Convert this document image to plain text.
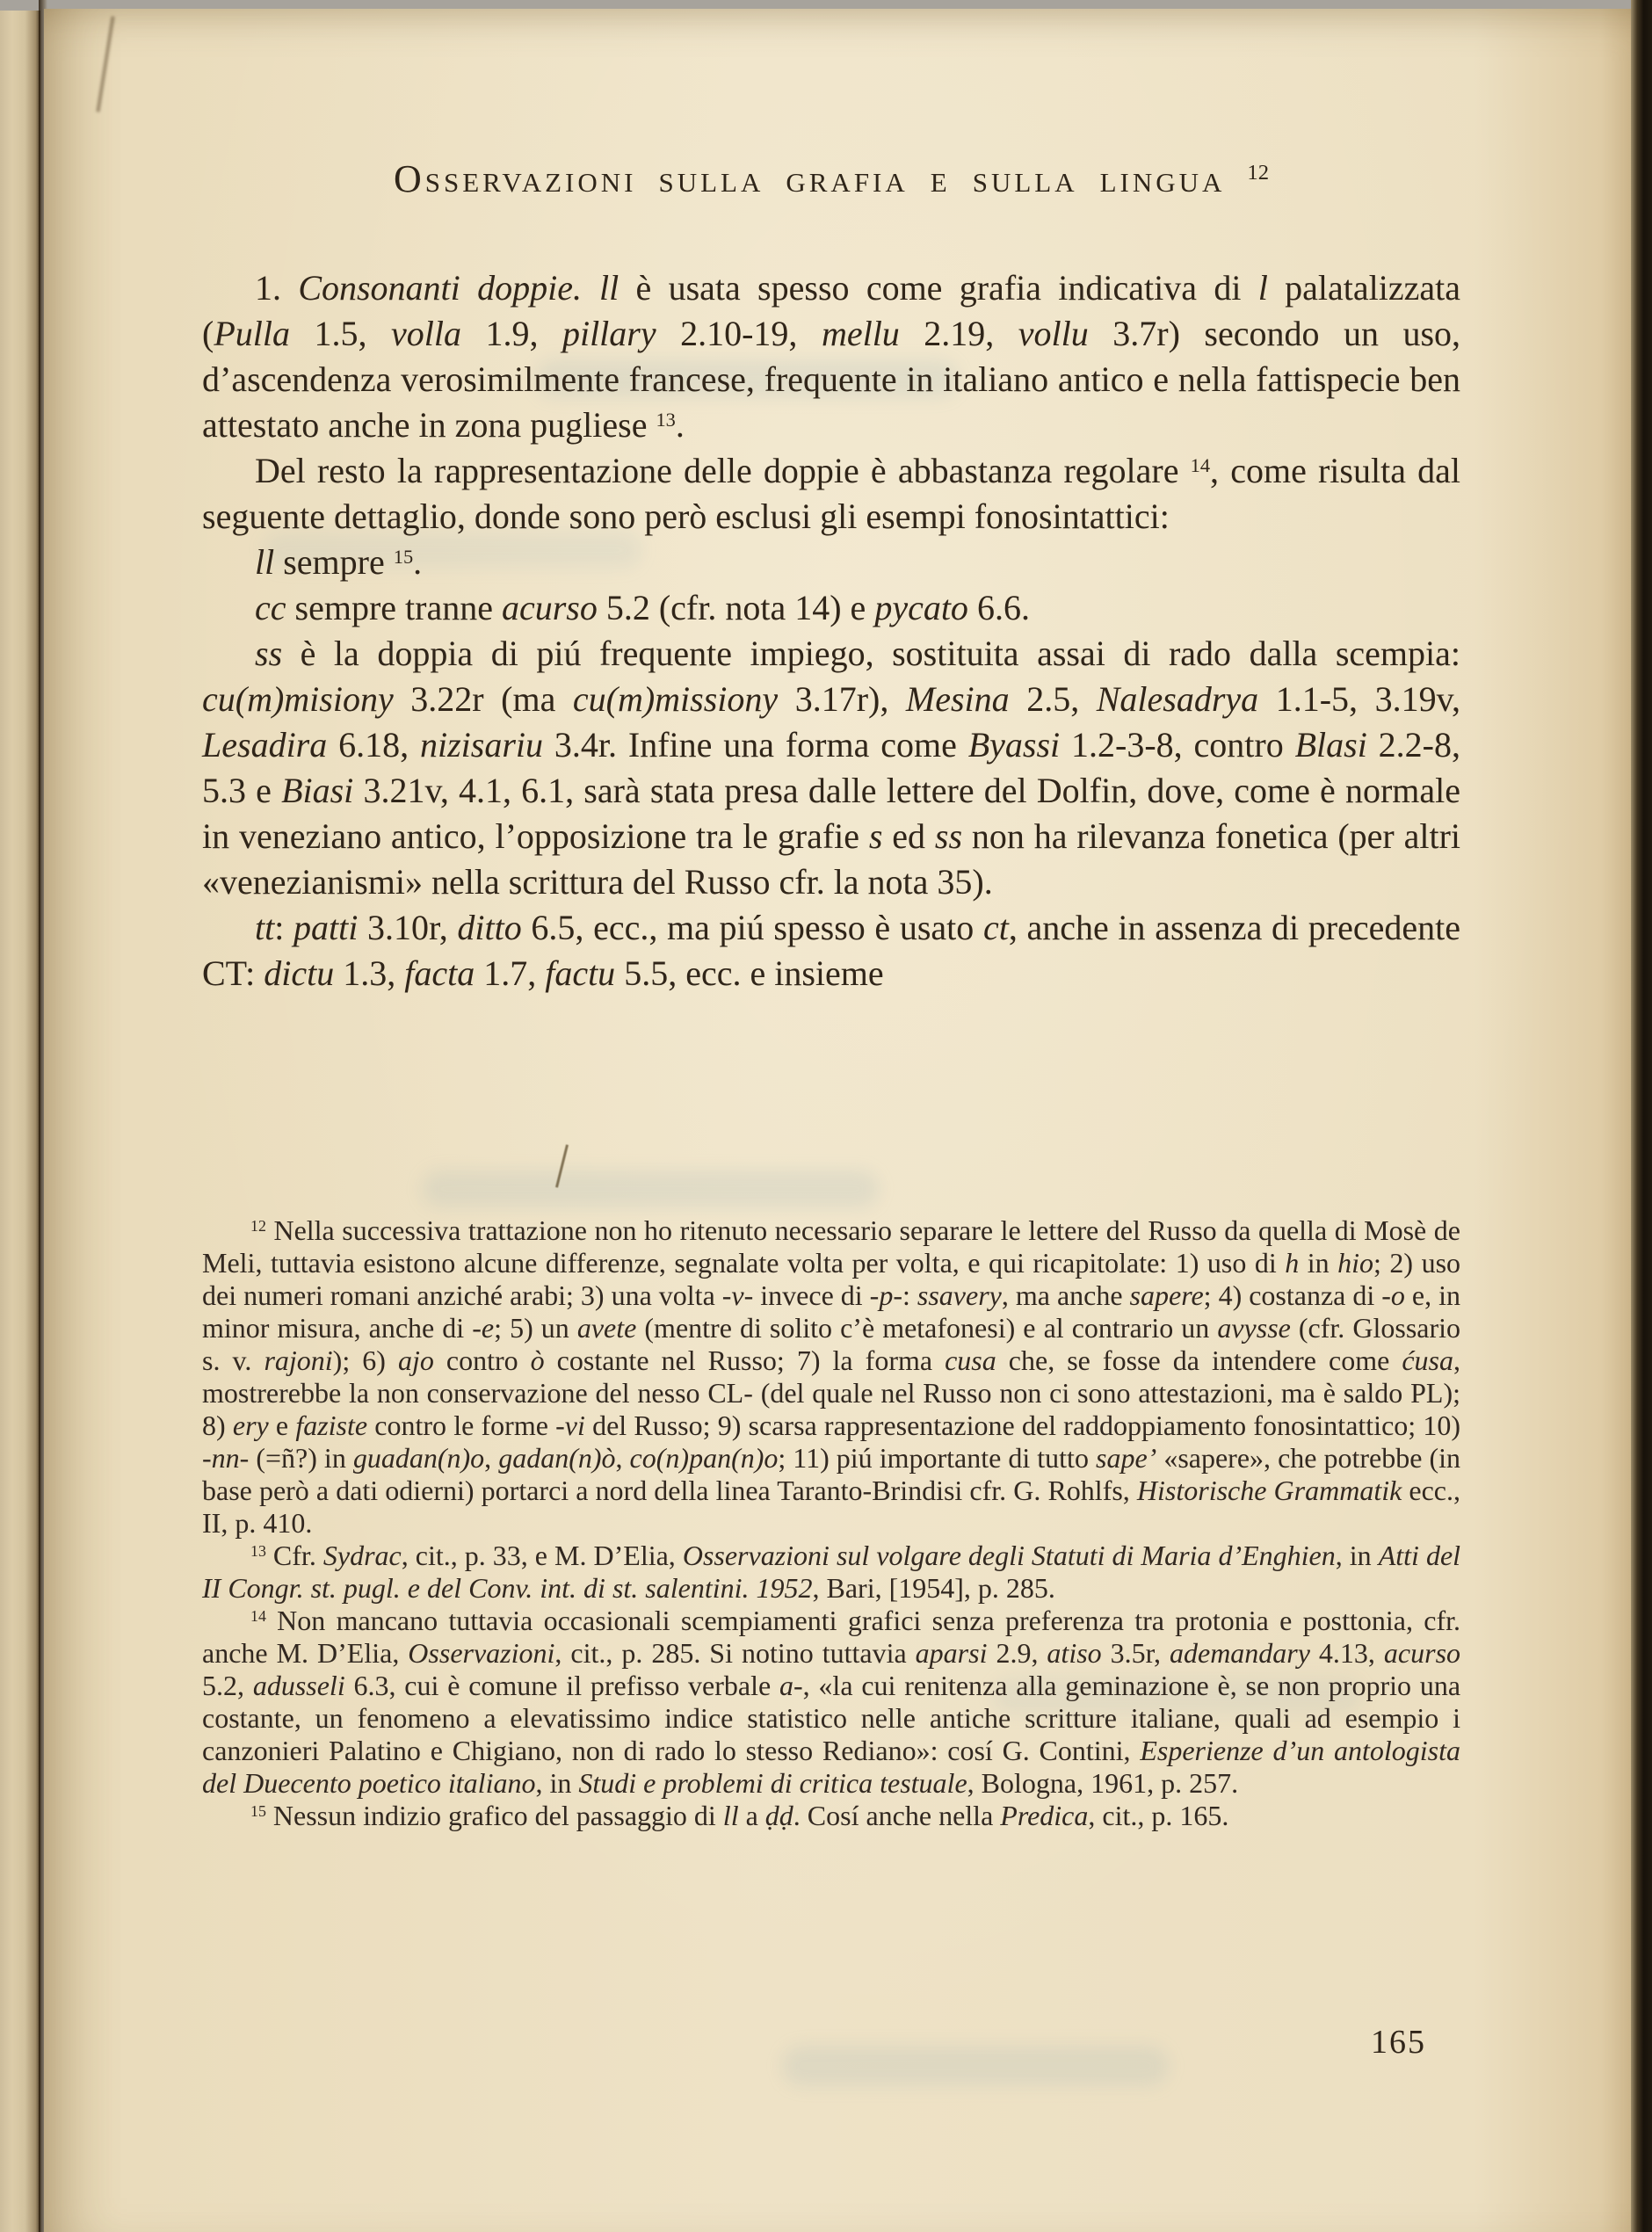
Osservazioni sulla grafia e sulla lingua $^{12}$

1. Consonanti doppie.  ll è usata spesso come grafia indicativa di l palatalizzata (Pulla 1.5, volla 1.9, pillary 2.10-19, mellu 2.19, vollu 3.7r) secondo un uso, d’ascendenza verosimilmente francese, frequente in italiano antico e nella fattispecie ben attestato anche in zona pugliese $^{13}$.

Del resto la rappresentazione delle doppie è abbastanza regolare $^{14}$, come risulta dal seguente dettaglio, donde sono però esclusi gli esempi fonosintattici:

ll sempre $^{15}$.

cc sempre tranne acurso 5.2 (cfr. nota 14) e pycato 6.6.

ss è la doppia di piú frequente impiego, sostituita assai di rado dalla scempia: cu(m)misiony 3.22r (ma cu(m)missiony 3.17r), Mesina 2.5, Nalesadrya 1.1-5, 3.19v, Lesadira 6.18, nizisariu 3.4r. Infine una forma come Byassi 1.2-3-8, contro Blasi 2.2-8, 5.3 e Biasi 3.21v, 4.1, 6.1, sarà stata presa dalle lettere del Dolfin, dove, come è normale in veneziano antico, l’opposizione tra le grafie s ed ss non ha rilevanza fonetica (per altri «venezianismi» nella scrittura del Russo cfr. la nota 35).

tt: patti 3.10r, ditto 6.5, ecc., ma piú spesso è usato ct, anche in assenza di precedente CT: dictu 1.3, facta 1.7, factu 5.5, ecc. e insieme

$^{12}$ Nella successiva trattazione non ho ritenuto necessario separare le lettere del Russo da quella di Mosè de Meli, tuttavia esistono alcune differenze, segnalate volta per volta, e qui ricapitolate: 1) uso di h in hio; 2) uso dei numeri romani anziché arabi; 3) una volta -v- invece di -p-: ssavery, ma anche sapere; 4) costanza di -o e, in minor misura, anche di -e; 5) un avete (mentre di solito c’è metafonesi) e al contrario un avysse (cfr. Glossario s. v. rajoni); 6) ajo contro ò costante nel Russo; 7) la forma cusa che, se fosse da intendere come ćusa, mostrerebbe la non conservazione del nesso CL- (del quale nel Russo non ci sono attestazioni, ma è saldo PL); 8) ery e faziste contro le forme -vi del Russo; 9) scarsa rappresentazione del raddoppiamento fonosintattico; 10) -nn- (=ñ?) in guadan(n)o, gadan(n)ò, co(n)pan(n)o; 11) piú importante di tutto sape’ «sapere», che potrebbe (in base però a dati odierni) portarci a nord della linea Taranto-Brindisi cfr. G. Rohlfs, Historische Grammatik ecc., II, p. 410.

$^{13}$ Cfr. Sydrac, cit., p. 33, e M. D’Elia, Osservazioni sul volgare degli Statuti di Maria d’Enghien, in Atti del II Congr. st. pugl. e del Conv. int. di st. salentini. 1952, Bari, [1954], p. 285.

$^{14}$ Non mancano tuttavia occasionali scempiamenti grafici senza preferenza tra protonia e posttonia, cfr. anche M. D’Elia, Osservazioni, cit., p. 285. Si notino tuttavia aparsi 2.9, atiso 3.5r, ademandary 4.13, acurso 5.2, adusseli 6.3, cui è comune il prefisso verbale a-, «la cui renitenza alla geminazione è, se non proprio una costante, un fenomeno a elevatissimo indice statistico nelle antiche scritture italiane, quali ad esempio i canzonieri Palatino e Chigiano, non di rado lo stesso Rediano»: cosí G. Contini, Esperienze d’un antologista del Duecento poetico italiano, in Studi e problemi di critica testuale, Bologna, 1961, p. 257.

$^{15}$ Nessun indizio grafico del passaggio di ll a ḍḍ. Cosí anche nella Predica, cit., p. 165.

165
